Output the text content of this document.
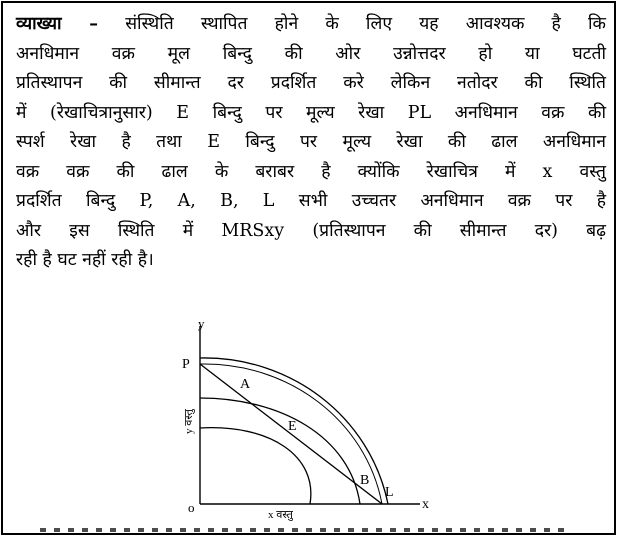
व्याख्या – संस्थिति स्थापित होने के लिए यह आवश्यक है कि
अनधिमान वक्र मूल बिन्दु की ओर उन्नोत्तदर हो या घटती
प्रतिस्थापन की सीमान्त दर प्रदर्शित करे लेकिन नतोदर की स्थिति
में (रेखाचित्रानुसार) E बिन्दु पर मूल्य रेखा PL अनधिमान वक्र की
स्पर्श रेखा है तथा E बिन्दु पर मूल्य रेखा की ढाल अनधिमान
वक्र वक्र की ढाल के बराबर है क्योंकि रेखाचित्र में x वस्तु
प्रदर्शित बिन्दु P, A, B, L सभी उच्चतर अनधिमान वक्र पर है
और इस स्थिति में MRSxy (प्रतिस्थापन की सीमान्त दर) बढ़
रही है घट नहीं रही है।
y
x
o
y वस्तु
x वस्तु
P
A
E
B
L
